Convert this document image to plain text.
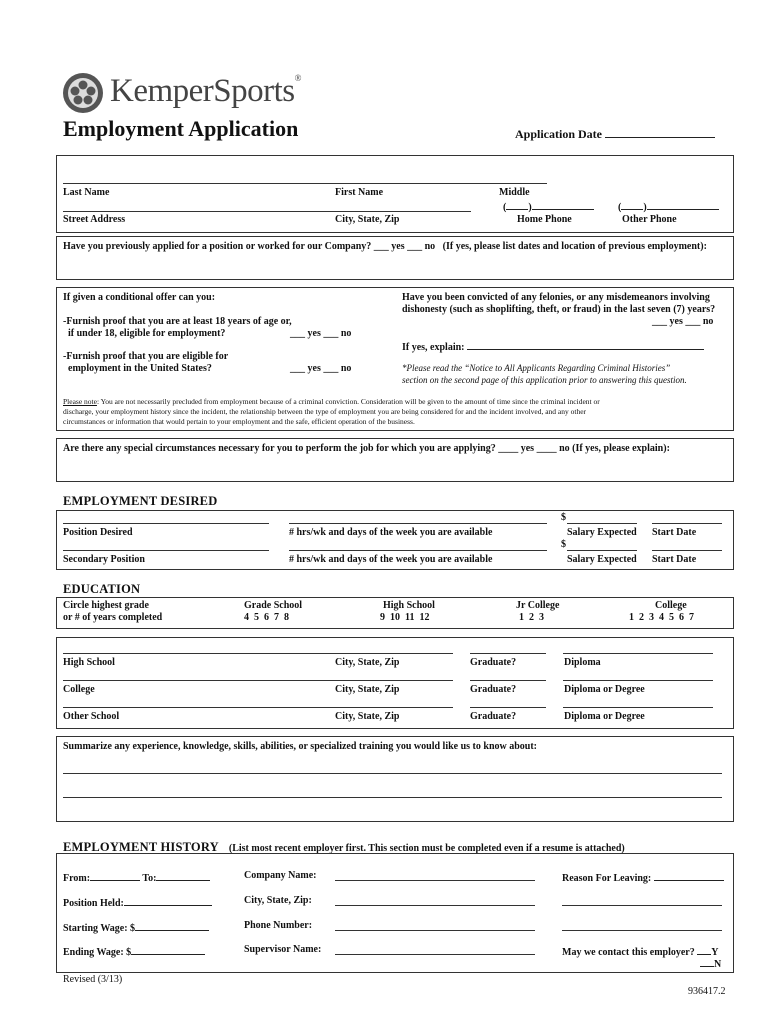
KemperSports®
Employment Application	Application Date
Last Name	First Name	Middle
( )	( )
Street Address	City, State, Zip	Home Phone	Other Phone
Have you previously applied for a position or worked for our Company? ___ yes ___ no (If yes, please list dates and location of previous employment):
If given a conditional offer can you:
-Furnish proof that you are at least 18 years of age or,
if under 18, eligible for employment?	___ yes ___ no
-Furnish proof that you are eligible for
employment in the United States?	___ yes ___ no
Have you been convicted of any felonies, or any misdemeanors involving
dishonesty (such as shoplifting, theft, or fraud) in the last seven (7) years?
___ yes ___ no
If yes, explain:
*Please read the “Notice to All Applicants Regarding Criminal Histories”
section on the second page of this application prior to answering this question.
Please note: You are not necessarily precluded from employment because of a criminal conviction. Consideration will be given to the amount of time since the criminal incident or
discharge, your employment history since the incident, the relationship between the type of employment you are being considered for and the incident involved, and any other
circumstances or information that would pertain to your employment and the safe, efficient operation of the business.
Are there any special circumstances necessary for you to perform the job for which you are applying? ____ yes ____ no (If yes, please explain):
EMPLOYMENT DESIRED
$
Position Desired	# hrs/wk and days of the week you are available	Salary Expected Start Date
$
Secondary Position	# hrs/wk and days of the week you are available	Salary Expected Start Date
EDUCATION
Circle highest grade
or # of years completed
Grade School
4  5  6  7  8
High School
9  10  11  12
Jr College
1  2  3
College
1  2  3  4  5  6  7
High School	City, State, Zip	Graduate?	Diploma
College	City, State, Zip	Graduate?	Diploma or Degree
Other School	City, State, Zip	Graduate?	Diploma or Degree
Summarize any experience, knowledge, skills, abilities, or specialized training you would like us to know about:
EMPLOYMENT HISTORY (List most recent employer first. This section must be completed even if a resume is attached)
From:	To:	Company Name:	Reason For Leaving:
Position Held:	City, State, Zip:
Starting Wage: $	Phone Number:
Ending Wage: $	Supervisor Name:	May we contact this employer? Y
N
Revised (3/13)
936417.2
